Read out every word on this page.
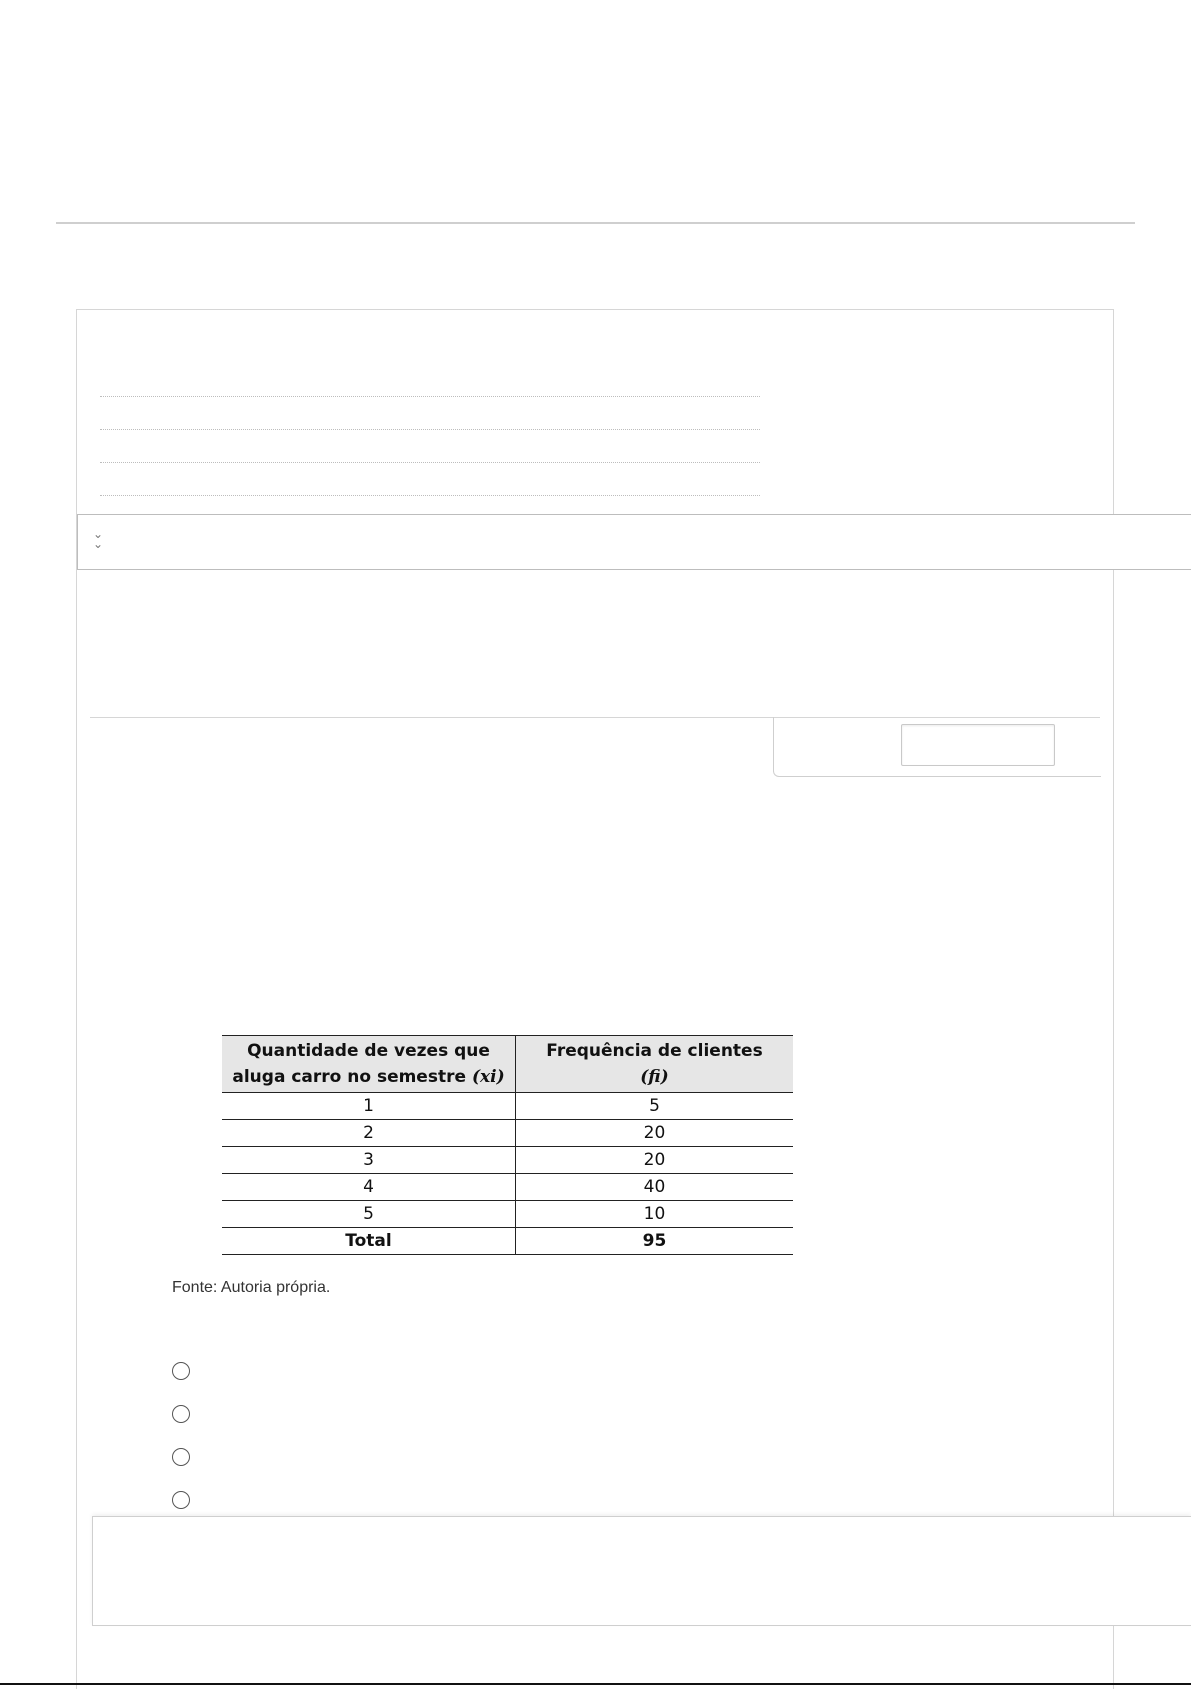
⌄
⌄
Quantidade de vezes que aluga carro no semestre (xi)	Frequência de clientes
(fi)
1	5
2	20
3	20
4	40
5	10
Total	95
Fonte: Autoria própria.
